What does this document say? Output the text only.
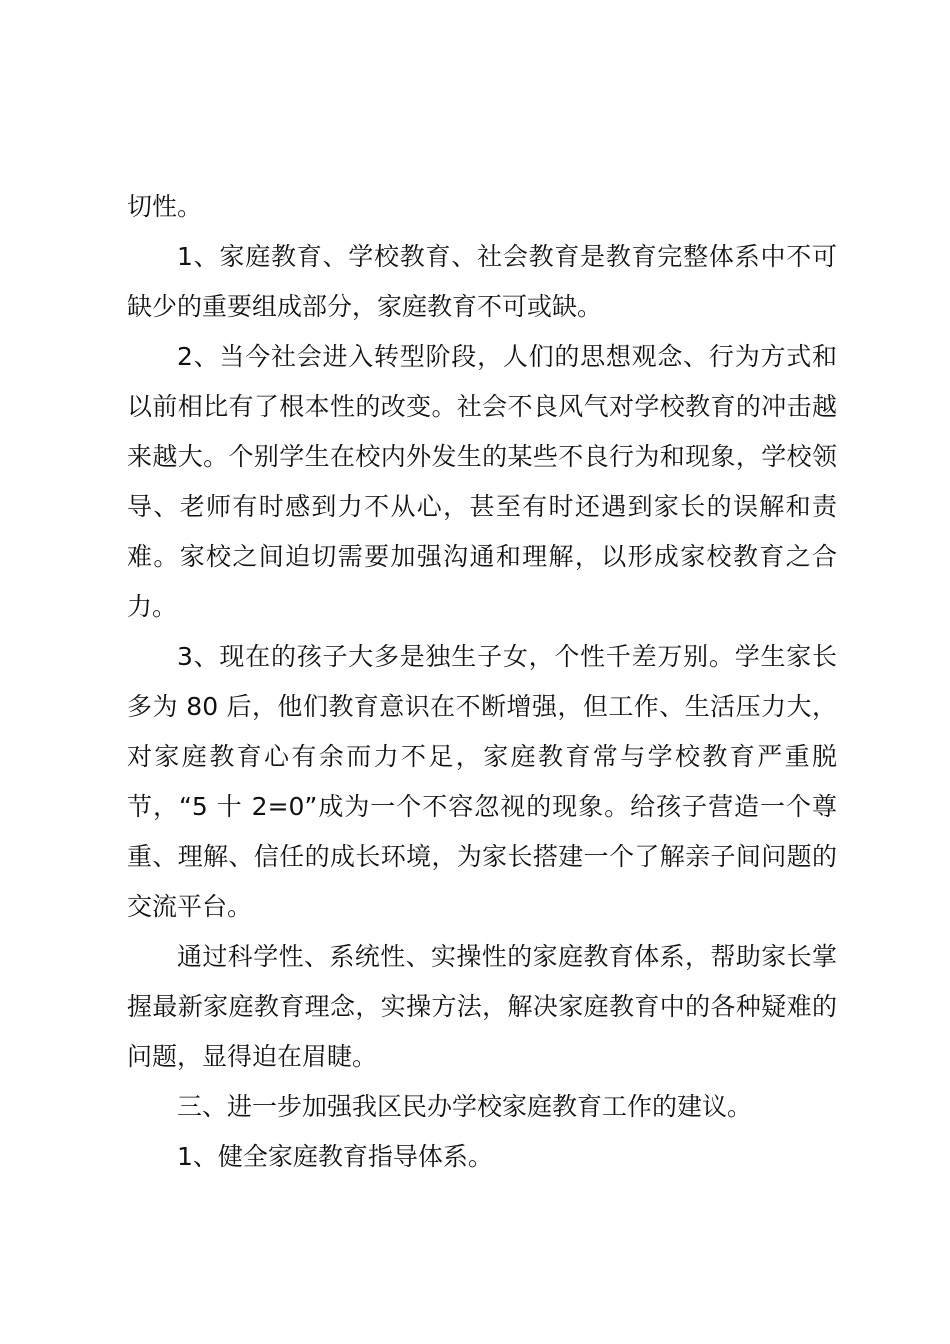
切性。

1、家庭教育、学校教育、社会教育是教育完整体系中不可缺少的重要组成部分，家庭教育不可或缺。

2、当今社会进入转型阶段，人们的思想观念、行为方式和以前相比有了根本性的改变。社会不良风气对学校教育的冲击越来越大。个别学生在校内外发生的某些不良行为和现象，学校领导、老师有时感到力不从心，甚至有时还遇到家长的误解和责难。家校之间迫切需要加强沟通和理解，以形成家校教育之合力。

3、现在的孩子大多是独生子女，个性千差万别。学生家长多为 80 后，他们教育意识在不断增强，但工作、生活压力大，对家庭教育心有余而力不足，家庭教育常与学校教育严重脱节，“5 十 2=0”成为一个不容忽视的现象。给孩子营造一个尊重、理解、信任的成长环境，为家长搭建一个了解亲子间问题的交流平台。

通过科学性、系统性、实操性的家庭教育体系，帮助家长掌握最新家庭教育理念，实操方法，解决家庭教育中的各种疑难的问题，显得迫在眉睫。

三、进一步加强我区民办学校家庭教育工作的建议。

1、健全家庭教育指导体系。
